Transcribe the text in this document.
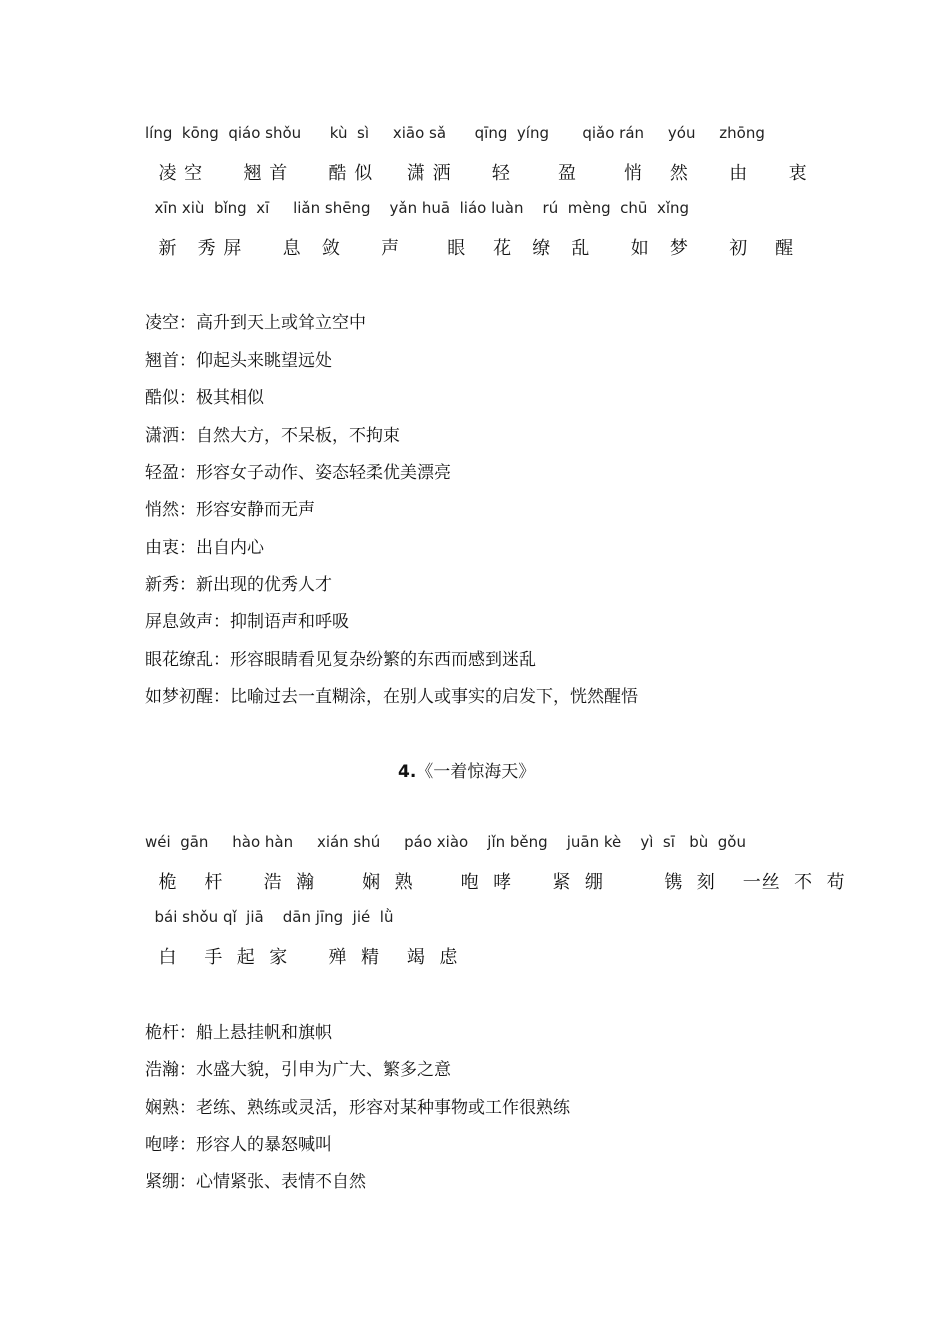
líng  kōng  qiáo shǒu      kù  sì     xiāo sǎ      qīng  yíng       qiǎo rán     yóu     zhōng
凌 空      翘 首      酷 似     潇 洒      轻       盈       悄    然      由      衷
xīn xiù  bǐng  xī     liǎn shēng    yǎn huā  liáo luàn    rú  mèng  chū  xǐng
新   秀 屏      息   敛      声       眼    花   缭   乱      如   梦      初    醒
凌空：高升到天上或耸立空中
翘首：仰起头来眺望远处
酷似：极其相似
潇洒：自然大方，不呆板，不拘束
轻盈：形容女子动作、姿态轻柔优美漂亮
悄然：形容安静而无声
由衷：出自内心
新秀：新出现的优秀人才
屏息敛声：抑制语声和呼吸
眼花缭乱：形容眼睛看见复杂纷繁的东西而感到迷乱
如梦初醒：比喻过去一直糊涂，在别人或事实的启发下，恍然醒悟
4.《一着惊海天》
wéi  gān     hào hàn     xián shú     páo xiào    jǐn běng    juān kè    yì  sī   bù  gǒu
桅    杆      浩  瀚       娴  熟       咆  哮      紧  绷         镌  刻    一丝  不  苟
bái shǒu qǐ  jiā    dān jīng  jié  lǜ
白    手  起  家      殚  精    竭  虑
桅杆：船上悬挂帆和旗帜
浩瀚：水盛大貌，引申为广大、繁多之意
娴熟：老练、熟练或灵活，形容对某种事物或工作很熟练
咆哮：形容人的暴怒喊叫
紧绷：心情紧张、表情不自然
